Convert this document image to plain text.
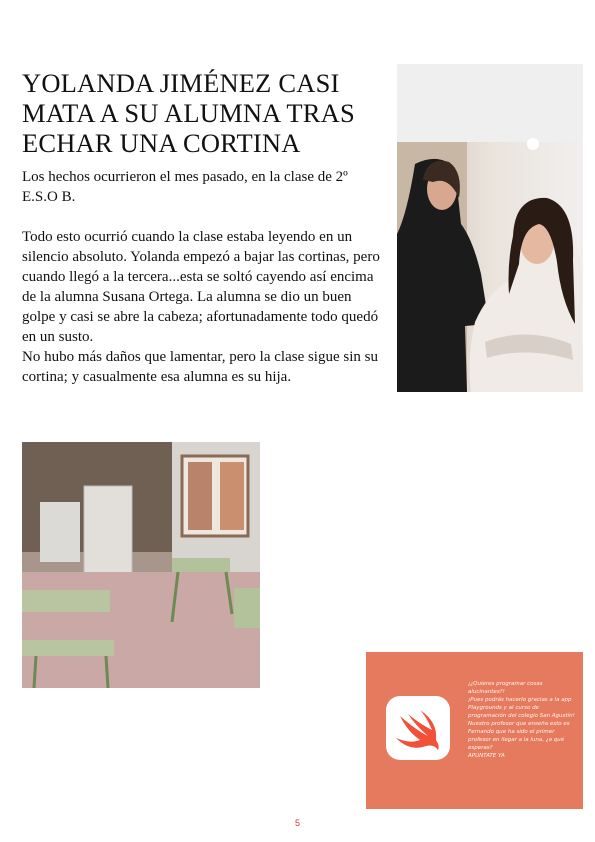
YOLANDA JIMÉNEZ CASI MATA A SU ALUMNA TRAS ECHAR UNA CORTINA

Los hechos ocurrieron el mes pasado, en la clase de 2º E.S.O B.

Todo esto ocurrió cuando la clase estaba leyendo en un silencio absoluto. Yolanda empezó a bajar las cortinas, pero cuando llegó a la tercera...esta se soltó cayendo así encima de la alumna Susana Ortega. La alumna se dio un buen golpe y casi se abre la cabeza; afortunadamente todo quedó en un susto.

No hubo más daños que lamentar, pero la clase sigue sin su cortina; y casualmente esa alumna es su hija.

¡¿Quieres programar cosas alucinantes?!

¡Pues podrás hacerlo gracias a la app Playgrounds y al curso de programación del colegio San Agustín!

Nuestro profesor que enseña esto es Fernando que ha sido el primer profesor en llegar a la luna, ¿a qué esperas?

APUNTATE YA

5
